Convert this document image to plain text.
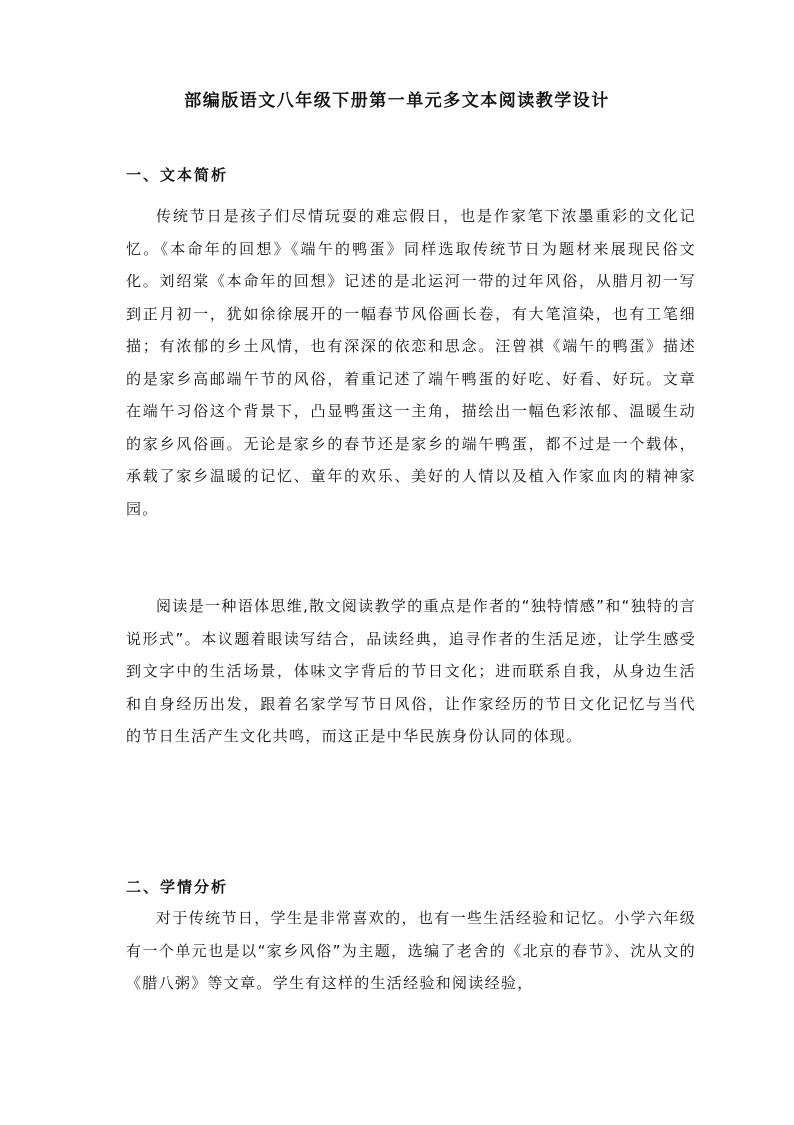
部编版语文八年级下册第一单元多文本阅读教学设计
一、文本简析

传统节日是孩子们尽情玩耍的难忘假日，也是作家笔下浓墨重彩的文化记忆。《本命年的回想》《端午的鸭蛋》同样选取传统节日为题材来展现民俗文化。刘绍棠《本命年的回想》记述的是北运河一带的过年风俗，从腊月初一写到正月初一，犹如徐徐展开的一幅春节风俗画长卷，有大笔渲染，也有工笔细描；有浓郁的乡土风情，也有深深的依恋和思念。汪曾祺《端午的鸭蛋》描述的是家乡高邮端午节的风俗，着重记述了端午鸭蛋的好吃、好看、好玩。文章在端午习俗这个背景下，凸显鸭蛋这一主角，描绘出一幅色彩浓郁、温暖生动的家乡风俗画。无论是家乡的春节还是家乡的端午鸭蛋，都不过是一个载体，承载了家乡温暖的记忆、童年的欢乐、美好的人情以及植入作家血肉的精神家园。

阅读是一种语体思维,散文阅读教学的重点是作者的“独特情感”和“独特的言说形式”。本议题着眼读写结合，品读经典，追寻作者的生活足迹，让学生感受到文字中的生活场景，体味文字背后的节日文化；进而联系自我，从身边生活和自身经历出发，跟着名家学写节日风俗，让作家经历的节日文化记忆与当代的节日生活产生文化共鸣，而这正是中华民族身份认同的体现。

二、学情分析

对于传统节日，学生是非常喜欢的，也有一些生活经验和记忆。小学六年级有一个单元也是以“家乡风俗”为主题，选编了老舍的《北京的春节》、沈从文的《腊八粥》等文章。学生有这样的生活经验和阅读经验，
